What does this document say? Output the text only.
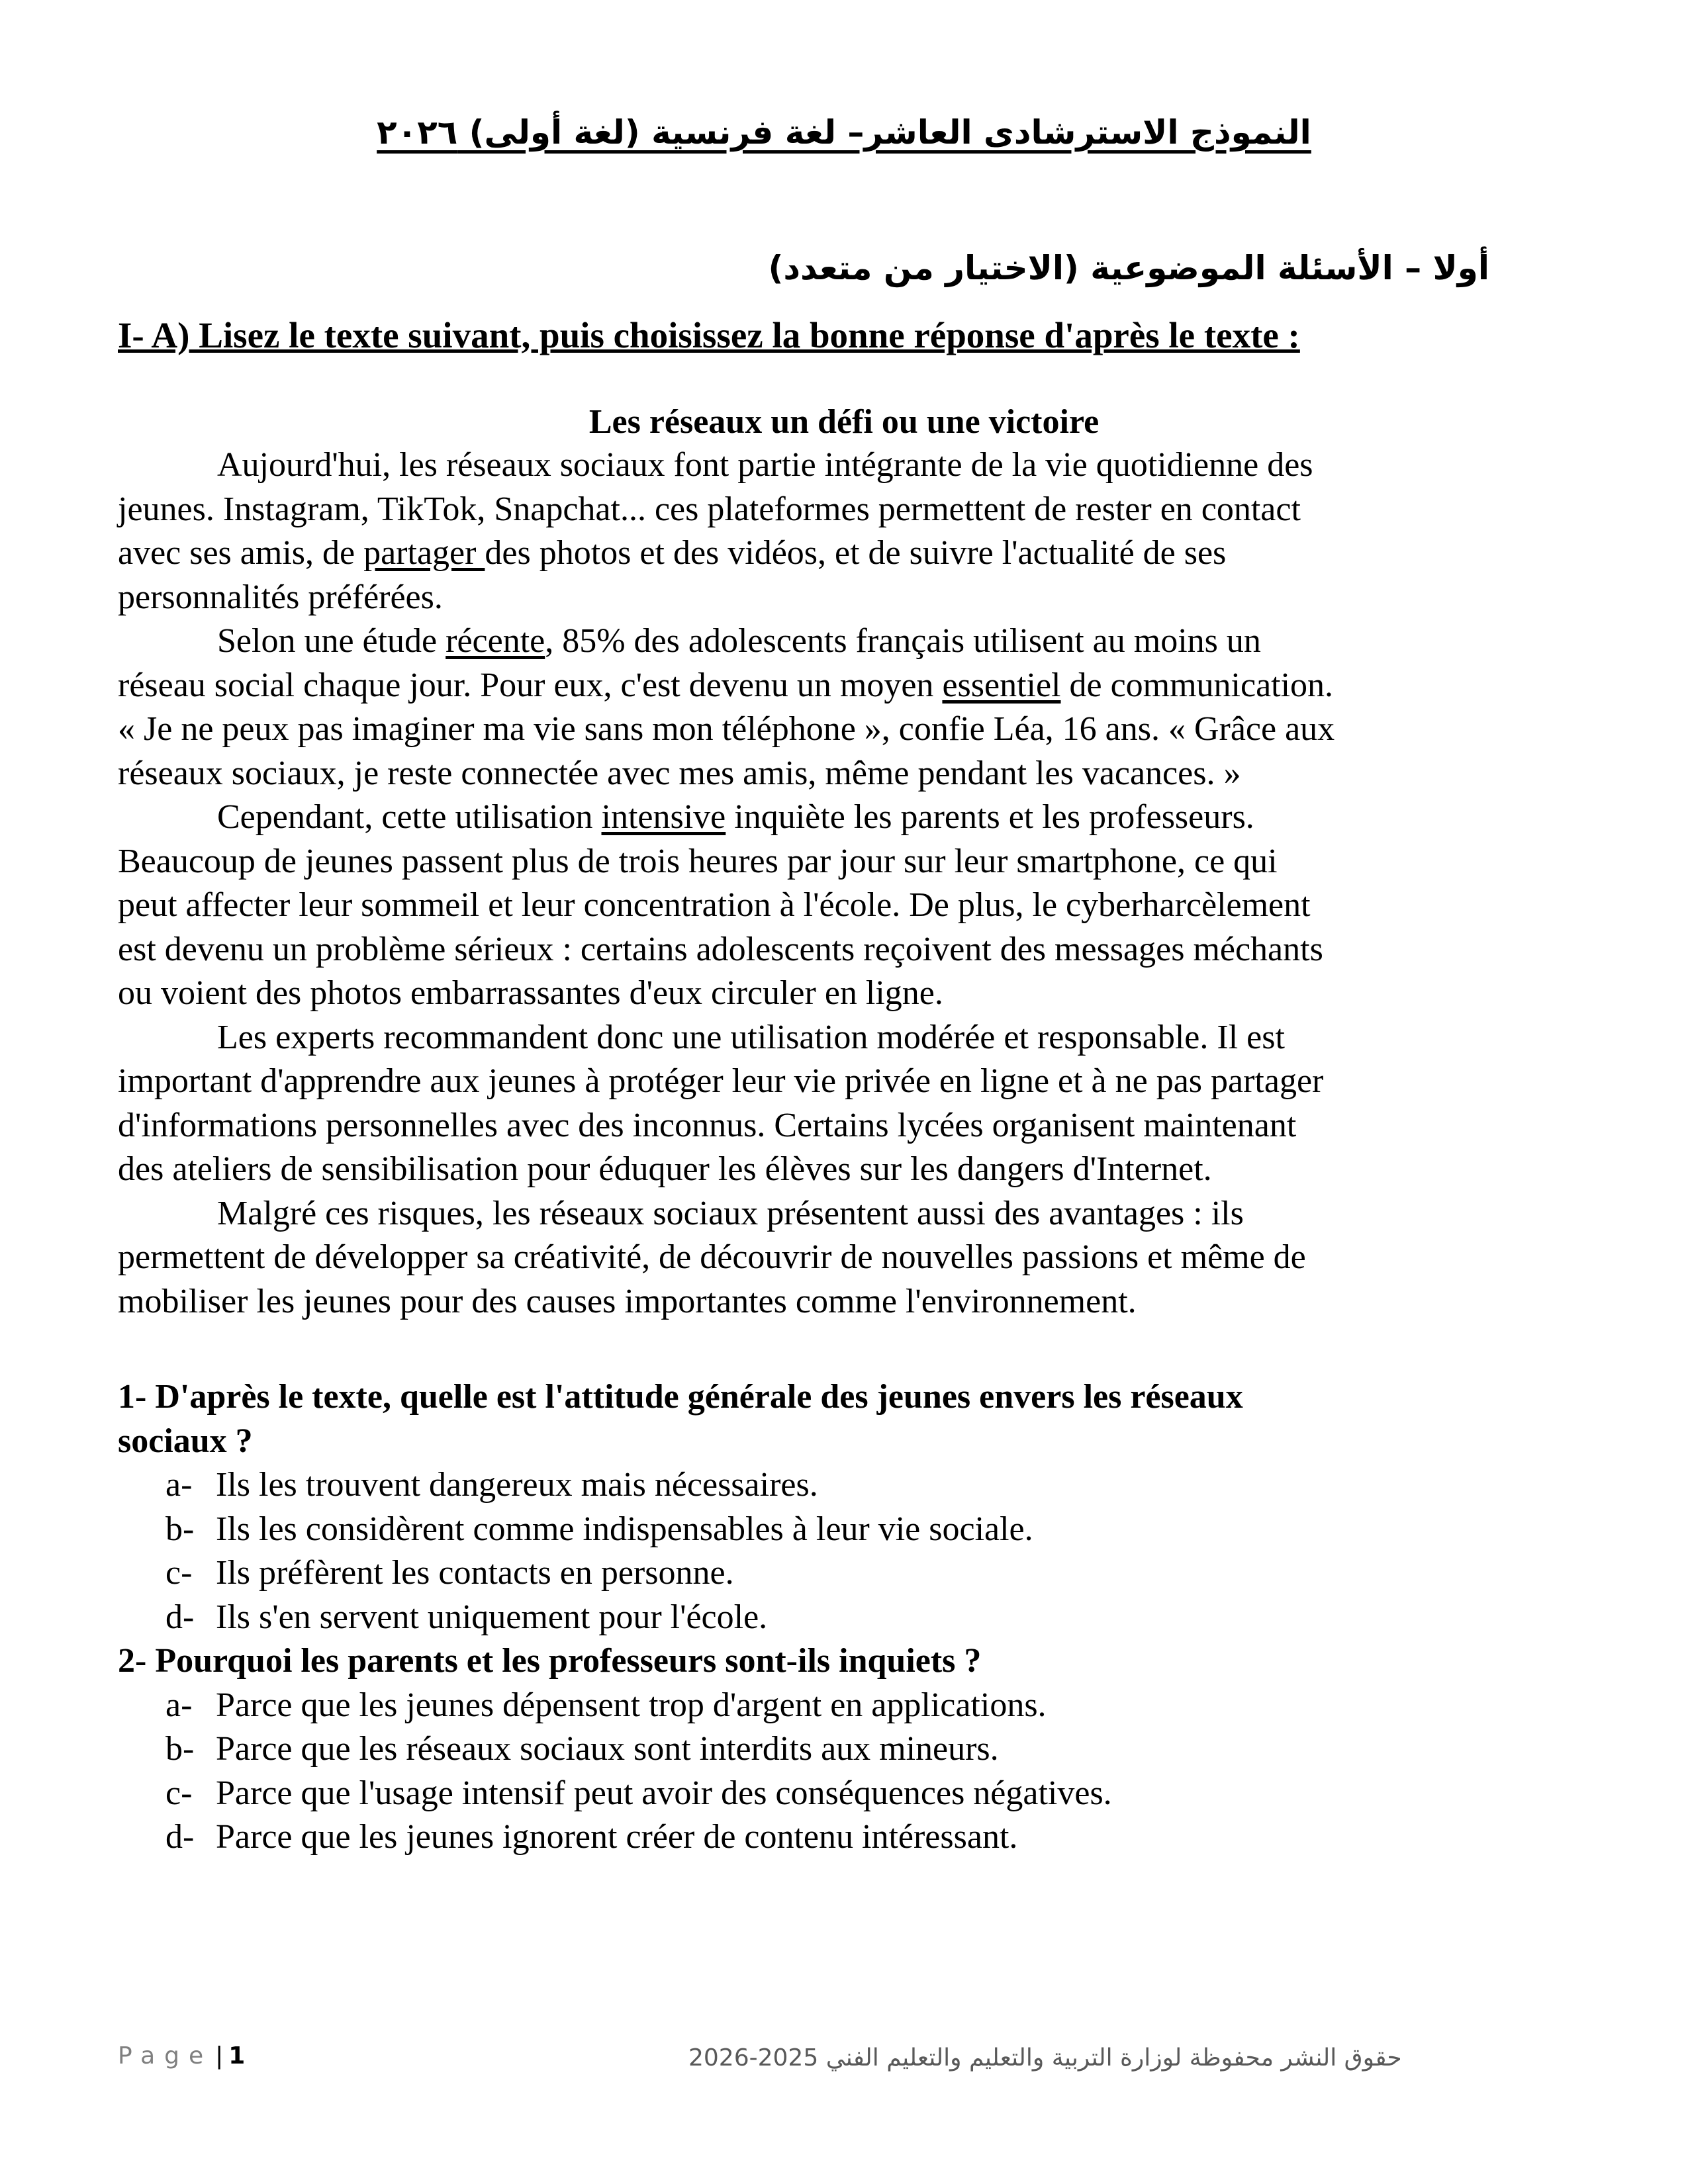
النموذج الاسترشادى العاشر– لغة فرنسية (لغة أولى) ٢٠٢٦
أولا – الأسئلة الموضوعية (الاختيار من متعدد)
I- A) Lisez le texte suivant, puis choisissez la bonne réponse d'après le texte :
Les réseaux un défi ou une victoire

Aujourd'hui, les réseaux sociaux font partie intégrante de la vie quotidienne des
jeunes. Instagram, TikTok, Snapchat... ces plateformes permettent de rester en contact
avec ses amis, de partager des photos et des vidéos, et de suivre l'actualité de ses
personnalités préférées.

Selon une étude récente, 85% des adolescents français utilisent au moins un
réseau social chaque jour. Pour eux, c'est devenu un moyen essentiel de communication.
« Je ne peux pas imaginer ma vie sans mon téléphone », confie Léa, 16 ans. « Grâce aux
réseaux sociaux, je reste connectée avec mes amis, même pendant les vacances. »

Cependant, cette utilisation intensive inquiète les parents et les professeurs.
Beaucoup de jeunes passent plus de trois heures par jour sur leur smartphone, ce qui
peut affecter leur sommeil et leur concentration à l'école. De plus, le cyberharcèlement
est devenu un problème sérieux : certains adolescents reçoivent des messages méchants
ou voient des photos embarrassantes d'eux circuler en ligne.

Les experts recommandent donc une utilisation modérée et responsable. Il est
important d'apprendre aux jeunes à protéger leur vie privée en ligne et à ne pas partager
d'informations personnelles avec des inconnus. Certains lycées organisent maintenant
des ateliers de sensibilisation pour éduquer les élèves sur les dangers d'Internet.

Malgré ces risques, les réseaux sociaux présentent aussi des avantages : ils
permettent de développer sa créativité, de découvrir de nouvelles passions et même de
mobiliser les jeunes pour des causes importantes comme l'environnement.

1- D'après le texte, quelle est l'attitude générale des jeunes envers les réseaux
sociaux ?

a- Ils les trouvent dangereux mais nécessaires.
b- Ils les considèrent comme indispensables à leur vie sociale.
c- Ils préfèrent les contacts en personne.
d- Ils s'en servent uniquement pour l'école.

2- Pourquoi les parents et les professeurs sont-ils inquiets ?

a- Parce que les jeunes dépensent trop d'argent en applications.
b- Parce que les réseaux sociaux sont interdits aux mineurs.
c- Parce que l'usage intensif peut avoir des conséquences négatives.
d- Parce que les jeunes ignorent créer de contenu intéressant.
Page | 1	حقوق النشر محفوظة لوزارة التربية والتعليم والتعليم الفني 2025-2026
